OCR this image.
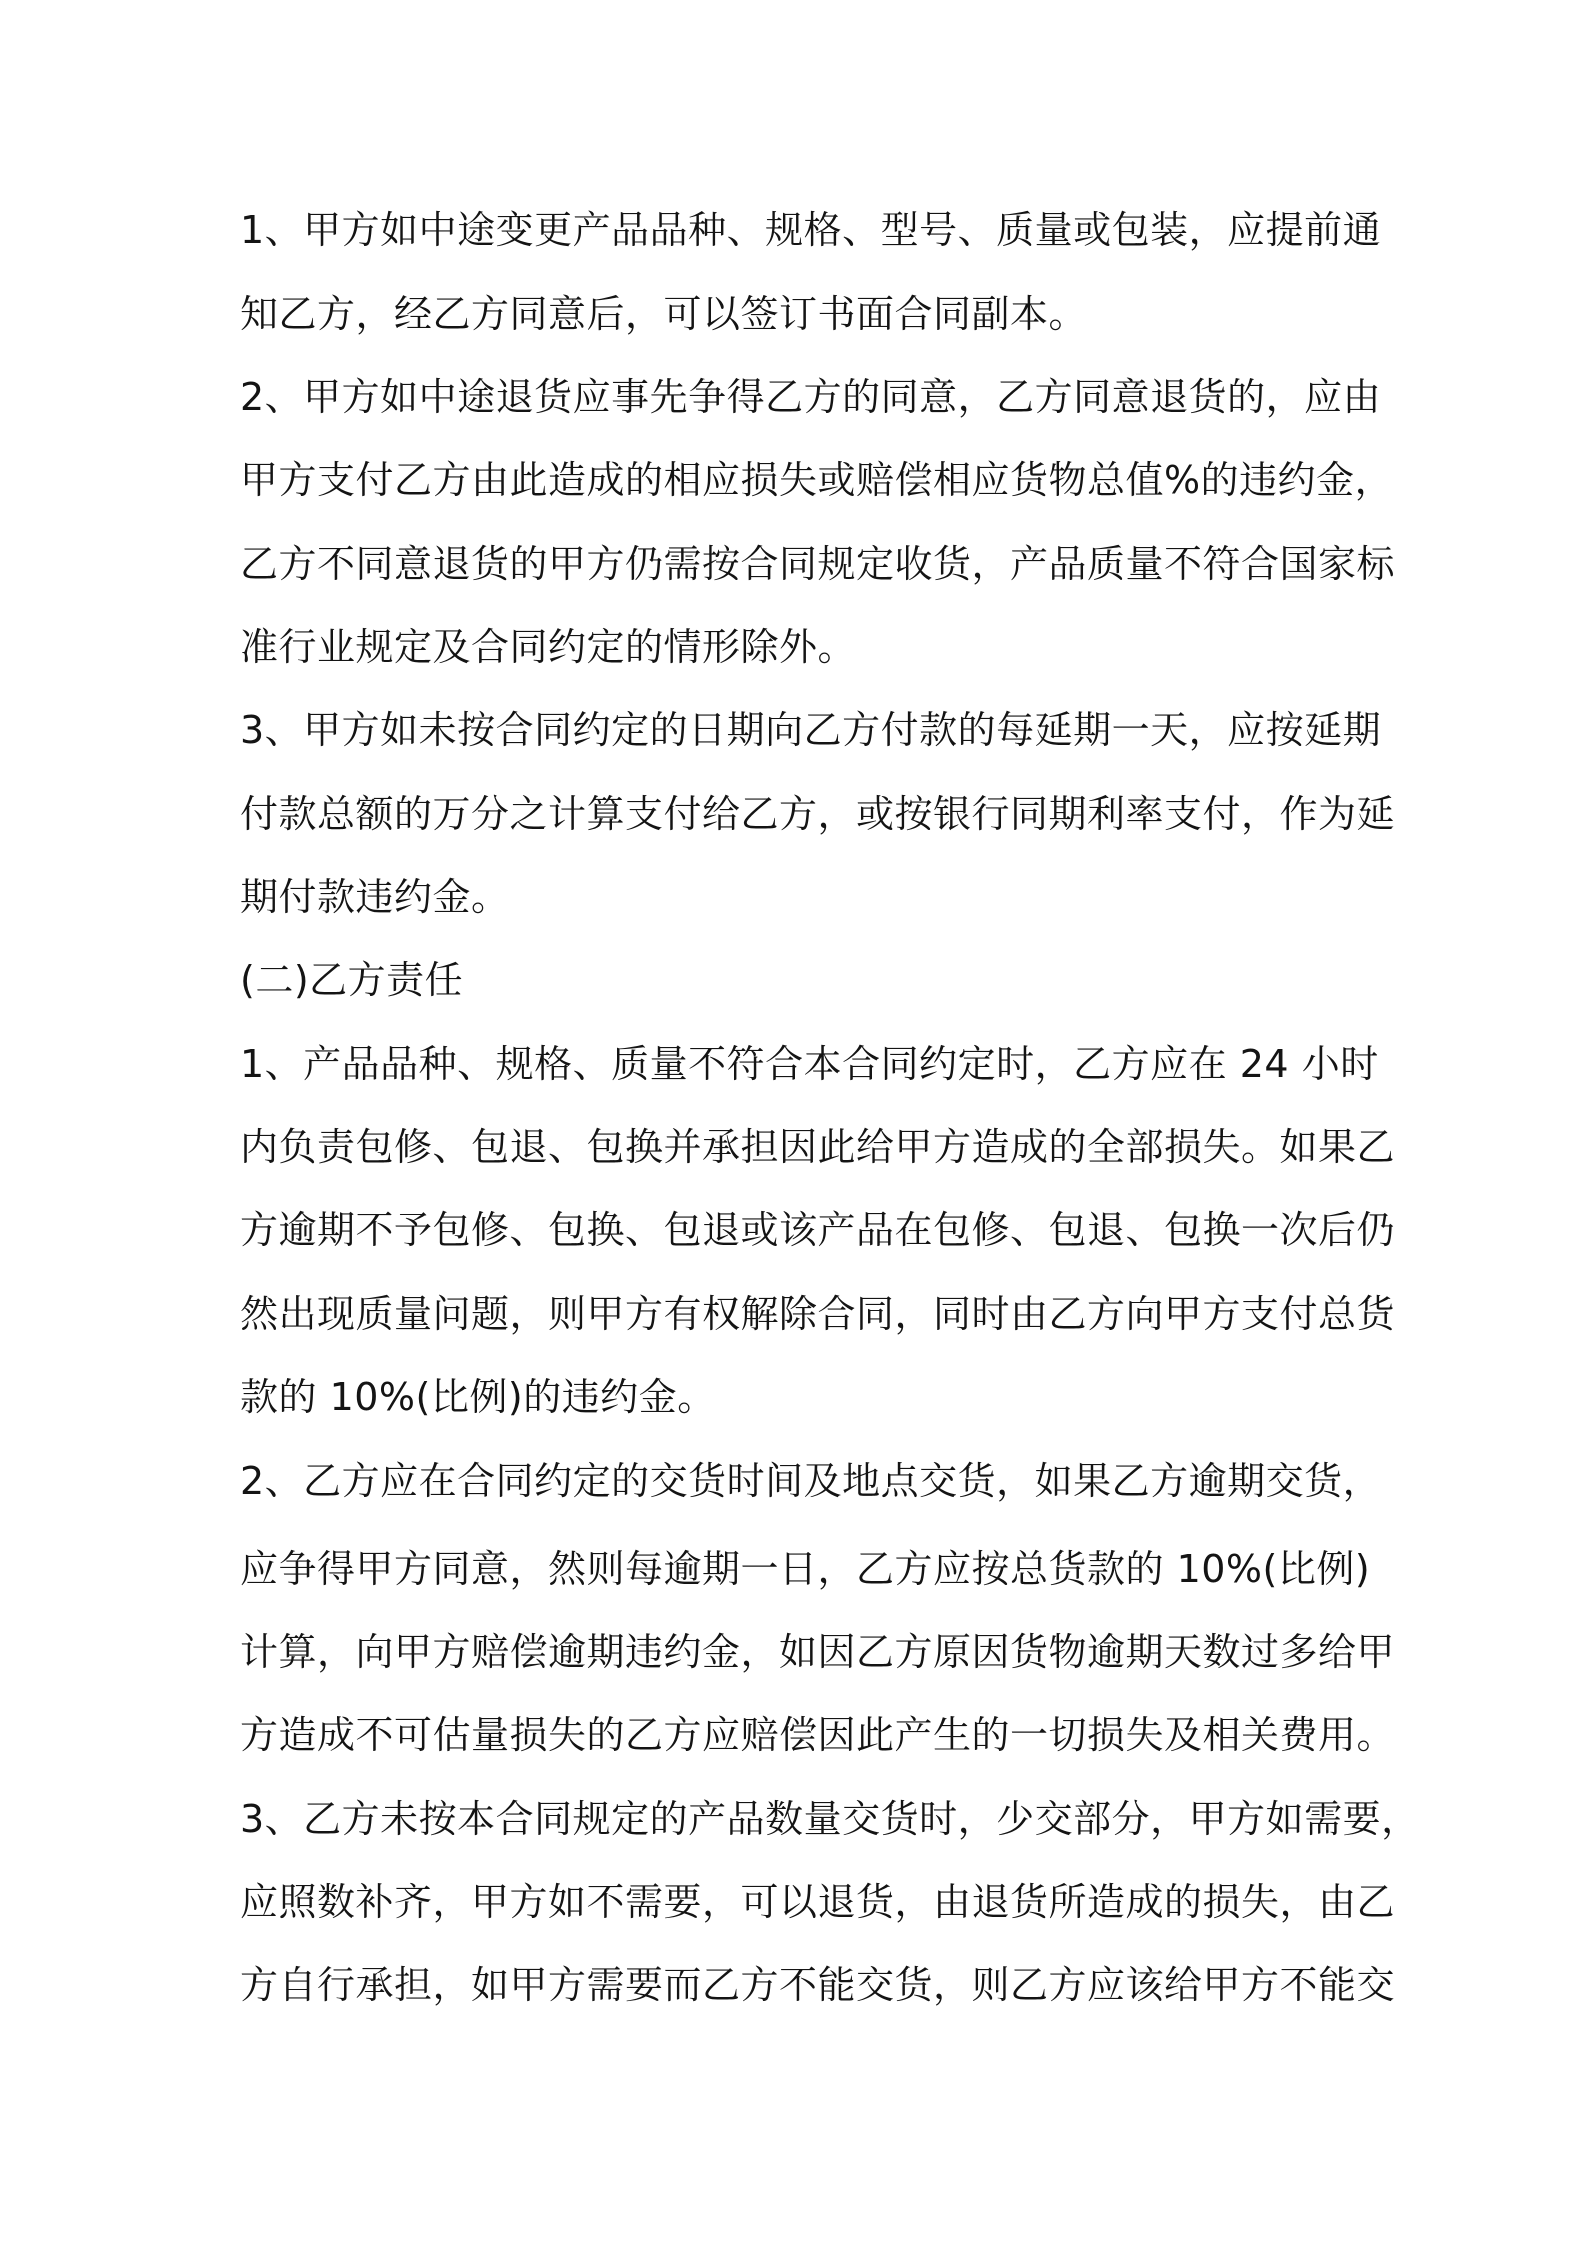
1、甲方如中途变更产品品种、规格、型号、质量或包装，应提前通
知乙方，经乙方同意后，可以签订书面合同副本。
2、甲方如中途退货应事先争得乙方的同意，乙方同意退货的，应由
甲方支付乙方由此造成的相应损失或赔偿相应货物总值%的违约金，
乙方不同意退货的甲方仍需按合同规定收货，产品质量不符合国家标
准行业规定及合同约定的情形除外。
3、甲方如未按合同约定的日期向乙方付款的每延期一天，应按延期
付款总额的万分之计算支付给乙方，或按银行同期利率支付，作为延
期付款违约金。
(二)乙方责任
1、产品品种、规格、质量不符合本合同约定时，乙方应在 24 小时
内负责包修、包退、包换并承担因此给甲方造成的全部损失。如果乙
方逾期不予包修、包换、包退或该产品在包修、包退、包换一次后仍
然出现质量问题，则甲方有权解除合同，同时由乙方向甲方支付总货
款的 10%(比例)的违约金。
2、乙方应在合同约定的交货时间及地点交货，如果乙方逾期交货，
应争得甲方同意，然则每逾期一日，乙方应按总货款的 10%(比例)
计算，向甲方赔偿逾期违约金，如因乙方原因货物逾期天数过多给甲
方造成不可估量损失的乙方应赔偿因此产生的一切损失及相关费用。
3、乙方未按本合同规定的产品数量交货时，少交部分，甲方如需要，
应照数补齐，甲方如不需要，可以退货，由退货所造成的损失，由乙
方自行承担，如甲方需要而乙方不能交货，则乙方应该给甲方不能交
